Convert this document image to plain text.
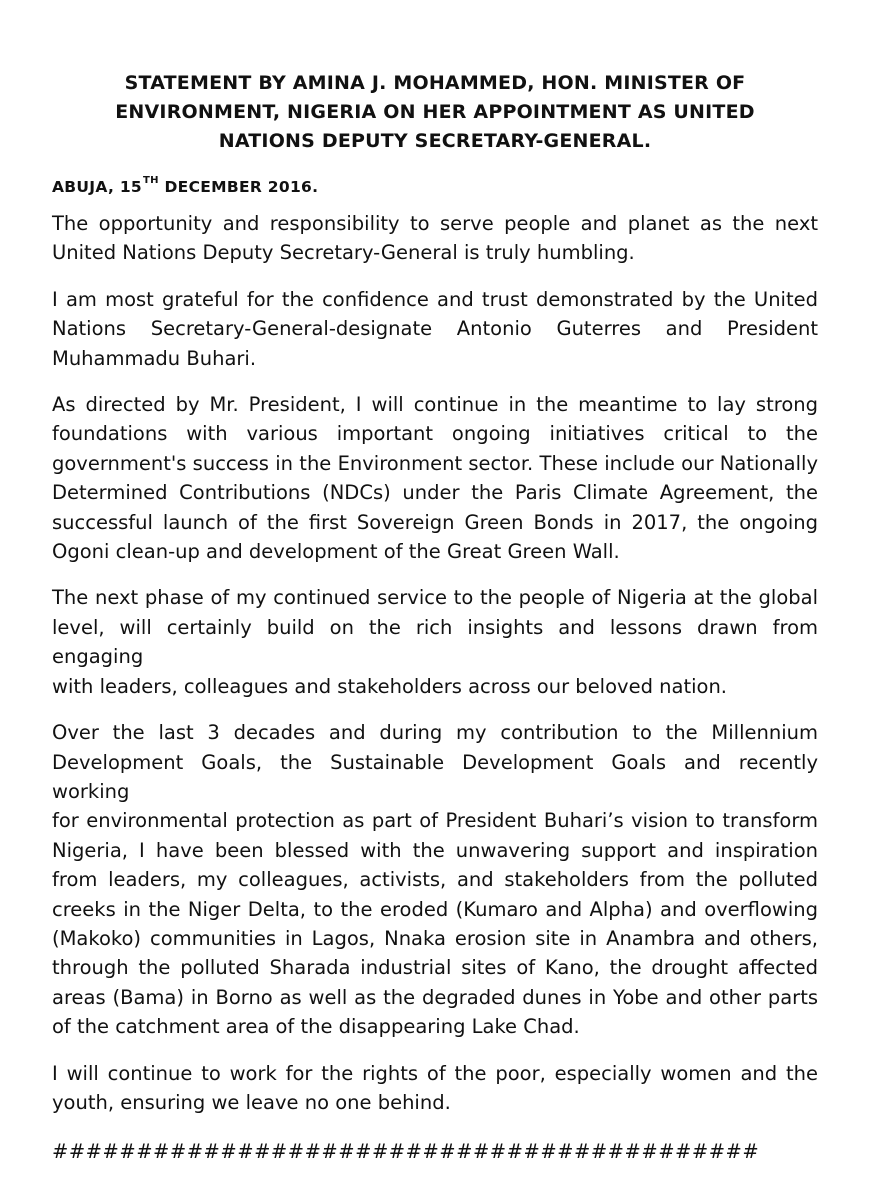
STATEMENT BY AMINA J. MOHAMMED, HON. MINISTER OF
ENVIRONMENT, NIGERIA ON HER APPOINTMENT AS UNITED
NATIONS DEPUTY SECRETARY-GENERAL.
ABUJA, 15TH DECEMBER 2016.
The opportunity and responsibility to serve people and planet as the next
United Nations Deputy Secretary-General is truly humbling.
I am most grateful for the confidence and trust demonstrated by the United
Nations Secretary-General-designate Antonio Guterres and President
Muhammadu Buhari.
As directed by Mr. President, I will continue in the meantime to lay strong
foundations with various important ongoing initiatives critical to the
government's success in the Environment sector. These include our Nationally
Determined Contributions (NDCs) under the Paris Climate Agreement, the
successful launch of the first Sovereign Green Bonds in 2017, the ongoing
Ogoni clean-up and development of the Great Green Wall.
The next phase of my continued service to the people of Nigeria at the global
level, will certainly build on the rich insights and lessons drawn from engaging
with leaders, colleagues and stakeholders across our beloved nation.
Over the last 3 decades and during my contribution to the Millennium
Development Goals, the Sustainable Development Goals and recently working
for environmental protection as part of President Buhari’s vision to transform
Nigeria, I have been blessed with the unwavering support and inspiration
from leaders, my colleagues, activists, and stakeholders from the polluted
creeks in the Niger Delta, to the eroded (Kumaro and Alpha) and overflowing
(Makoko) communities in Lagos, Nnaka erosion site in Anambra and others,
through the polluted Sharada industrial sites of Kano, the drought affected
areas (Bama) in Borno as well as the degraded dunes in Yobe and other parts
of the catchment area of the disappearing Lake Chad.
I will continue to work for the rights of the poor, especially women and the
youth, ensuring we leave no one behind.
##########################################
